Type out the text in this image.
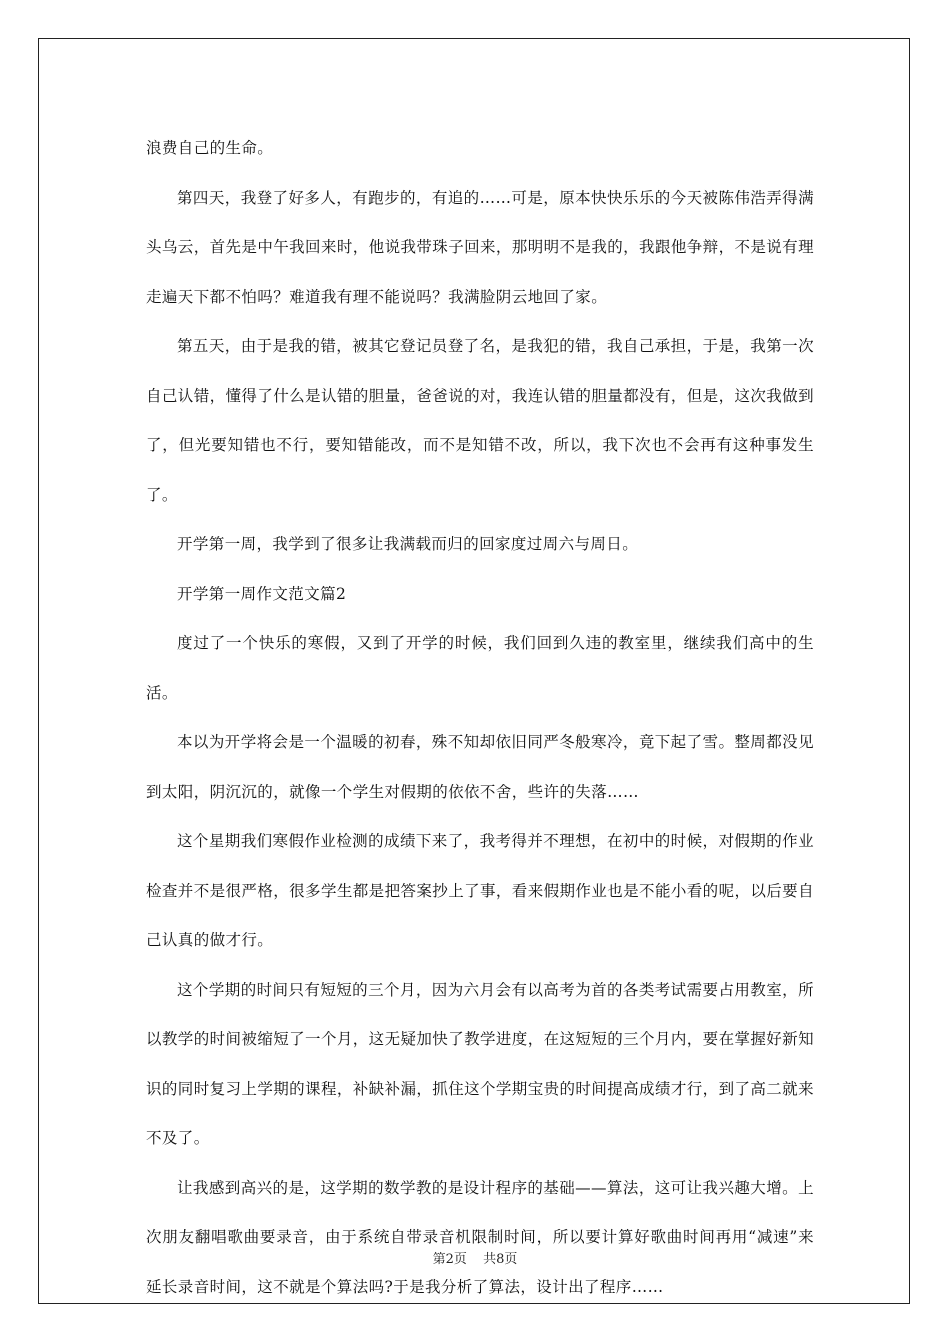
浪费自己的生命。

第四天，我登了好多人，有跑步的，有追的……可是，原本快快乐乐的今天被陈伟浩弄得满头乌云，首先是中午我回来时，他说我带珠子回来，那明明不是我的，我跟他争辩，不是说有理走遍天下都不怕吗？难道我有理不能说吗？我满脸阴云地回了家。

第五天，由于是我的错，被其它登记员登了名，是我犯的错，我自己承担，于是，我第一次自己认错，懂得了什么是认错的胆量，爸爸说的对，我连认错的胆量都没有，但是，这次我做到了，但光要知错也不行，要知错能改，而不是知错不改，所以，我下次也不会再有这种事发生了。

开学第一周，我学到了很多让我满载而归的回家度过周六与周日。

开学第一周作文范文篇2

度过了一个快乐的寒假，又到了开学的时候，我们回到久违的教室里，继续我们高中的生活。

本以为开学将会是一个温暖的初春，殊不知却依旧同严冬般寒冷，竟下起了雪。整周都没见到太阳，阴沉沉的，就像一个学生对假期的依依不舍，些许的失落……

这个星期我们寒假作业检测的成绩下来了，我考得并不理想，在初中的时候，对假期的作业检查并不是很严格，很多学生都是把答案抄上了事，看来假期作业也是不能小看的呢，以后要自己认真的做才行。

这个学期的时间只有短短的三个月，因为六月会有以高考为首的各类考试需要占用教室，所以教学的时间被缩短了一个月，这无疑加快了教学进度，在这短短的三个月内，要在掌握好新知识的同时复习上学期的课程，补缺补漏，抓住这个学期宝贵的时间提高成绩才行，到了高二就来不及了。

让我感到高兴的是，这学期的数学教的是设计程序的基础——算法，这可让我兴趣大增。上次朋友翻唱歌曲要录音，由于系统自带录音机限制时间，所以要计算好歌曲时间再用“减速”来延长录音时间，这不就是个算法吗?于是我分析了算法，设计出了程序……

第2页 共8页
